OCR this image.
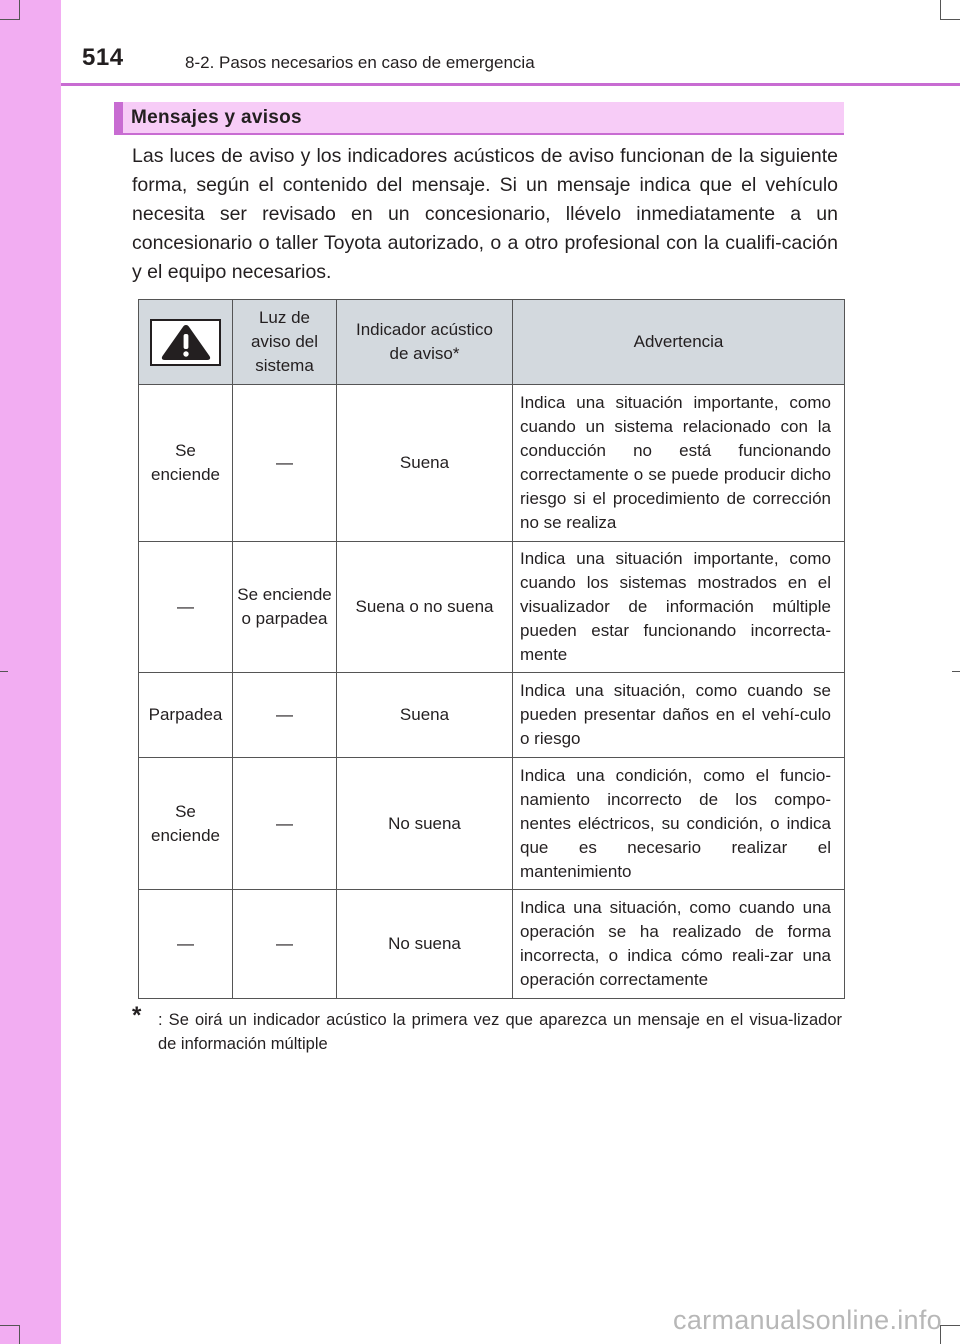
514	8-2. Pasos necesarios en caso de emergencia
Mensajes y avisos
Las luces de aviso y los indicadores acústicos de aviso funcionan de la siguiente forma, según el contenido del mensaje. Si un mensaje indica que el vehículo necesita ser revisado en un concesionario, llévelo inmediatamente a un concesionario o taller Toyota autorizado, o a otro profesional con la cualifi-cación y el equipo necesarios.
	Luz de aviso del sistema	Indicador acústico de aviso*	Advertencia
Se enciende	—	Suena	Indica una situación importante, como cuando un sistema relacionado con la conducción no está funcionando correctamente o se puede producir dicho riesgo si el procedimiento de corrección no se realiza
—	Se enciende o parpadea	Suena o no suena	Indica una situación importante, como cuando los sistemas mostrados en el visualizador de información múltiple pueden estar funcionando incorrecta-mente
Parpadea	—	Suena	Indica una situación, como cuando se pueden presentar daños en el vehí-culo o riesgo
Se enciende	—	No suena	Indica una condición, como el funcio-namiento incorrecto de los compo-nentes eléctricos, su condición, o indica que es necesario realizar el mantenimiento
—	—	No suena	Indica una situación, como cuando una operación se ha realizado de forma incorrecta, o indica cómo reali-zar una operación correctamente
* : Se oirá un indicador acústico la primera vez que aparezca un mensaje en el visua-lizador de información múltiple
carmanualsonline.info
